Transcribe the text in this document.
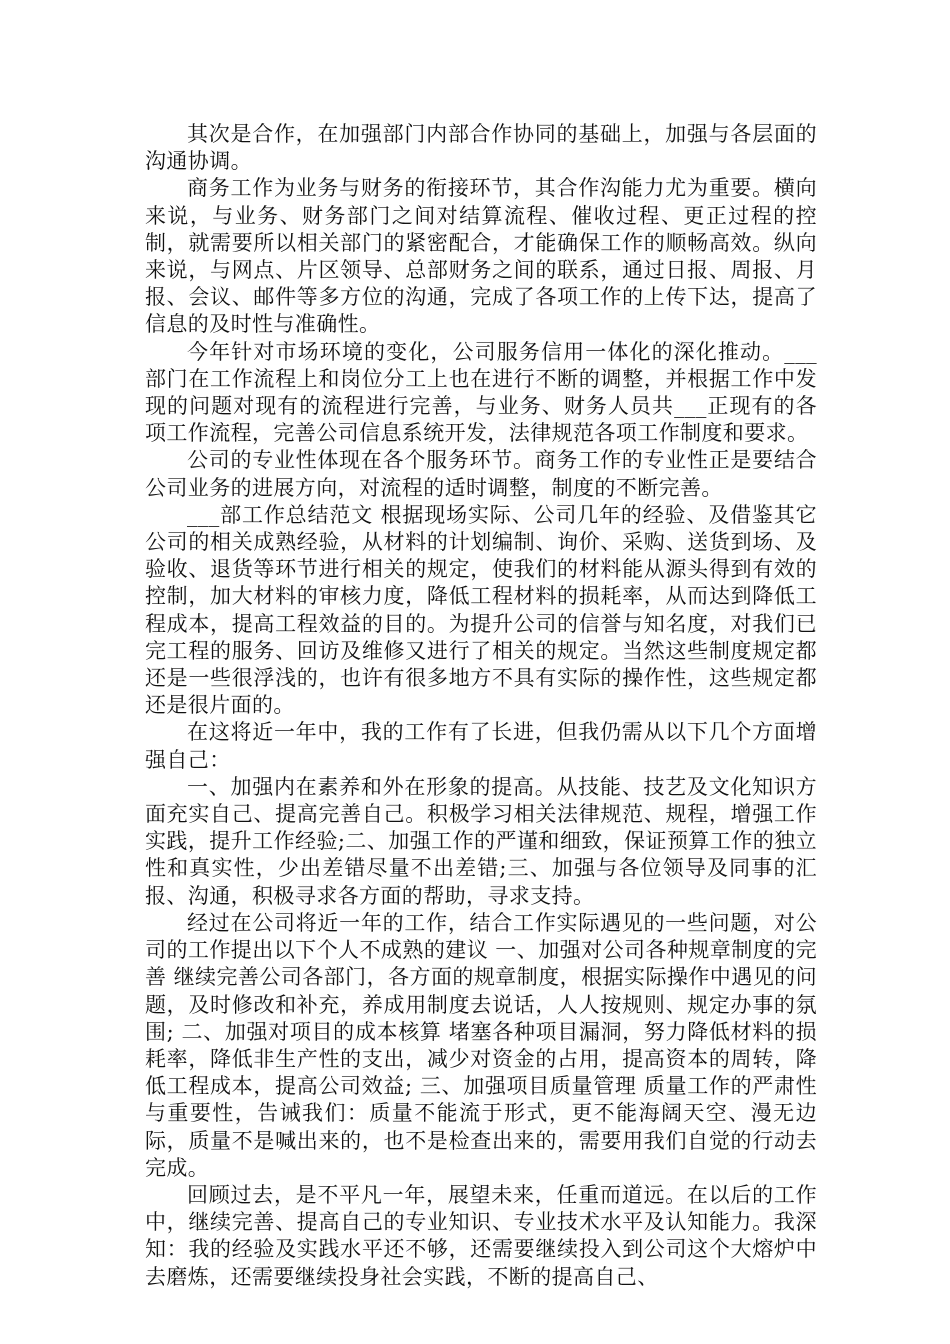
其次是合作，在加强部门内部合作协同的基础上，加强与各层面的沟通协调。

商务工作为业务与财务的衔接环节，其合作沟能力尤为重要。横向来说，与业务、财务部门之间对结算流程、催收过程、更正过程的控制，就需要所以相关部门的紧密配合，才能确保工作的顺畅高效。纵向来说，与网点、片区领导、总部财务之间的联系，通过日报、周报、月报、会议、邮件等多方位的沟通，完成了各项工作的上传下达，提高了信息的及时性与准确性。

今年针对市场环境的变化，公司服务信用一体化的深化推动。___部门在工作流程上和岗位分工上也在进行不断的调整，并根据工作中发现的问题对现有的流程进行完善，与业务、财务人员共___正现有的各项工作流程，完善公司信息系统开发，法律规范各项工作制度和要求。

公司的专业性体现在各个服务环节。商务工作的专业性正是要结合公司业务的进展方向，对流程的适时调整，制度的不断完善。

___部工作总结范文 根据现场实际、公司几年的经验、及借鉴其它公司的相关成熟经验，从材料的计划编制、询价、采购、送货到场、及验收、退货等环节进行相关的规定，使我们的材料能从源头得到有效的控制，加大材料的审核力度，降低工程材料的损耗率，从而达到降低工程成本，提高工程效益的目的。为提升公司的信誉与知名度，对我们已完工程的服务、回访及维修又进行了相关的规定。当然这些制度规定都还是一些很浮浅的，也许有很多地方不具有实际的操作性，这些规定都还是很片面的。

在这将近一年中，我的工作有了长进，但我仍需从以下几个方面增强自己：

一、加强内在素养和外在形象的提高。从技能、技艺及文化知识方面充实自己、提高完善自己。积极学习相关法律规范、规程，增强工作实践，提升工作经验;二、加强工作的严谨和细致，保证预算工作的独立性和真实性，少出差错尽量不出差错;三、加强与各位领导及同事的汇报、沟通，积极寻求各方面的帮助，寻求支持。

经过在公司将近一年的工作，结合工作实际遇见的一些问题，对公司的工作提出以下个人不成熟的建议 一、加强对公司各种规章制度的完善 继续完善公司各部门，各方面的规章制度，根据实际操作中遇见的问题，及时修改和补充，养成用制度去说话，人人按规则、规定办事的氛围; 二、加强对项目的成本核算 堵塞各种项目漏洞，努力降低材料的损耗率，降低非生产性的支出，减少对资金的占用，提高资本的周转，降低工程成本，提高公司效益; 三、加强项目质量管理 质量工作的严肃性与重要性，告诫我们：质量不能流于形式，更不能海阔天空、漫无边际，质量不是喊出来的，也不是检查出来的，需要用我们自觉的行动去完成。

回顾过去，是不平凡一年，展望未来，任重而道远。在以后的工作中，继续完善、提高自己的专业知识、专业技术水平及认知能力。我深知：我的经验及实践水平还不够，还需要继续投入到公司这个大熔炉中去磨炼，还需要继续投身社会实践，不断的提高自己、
